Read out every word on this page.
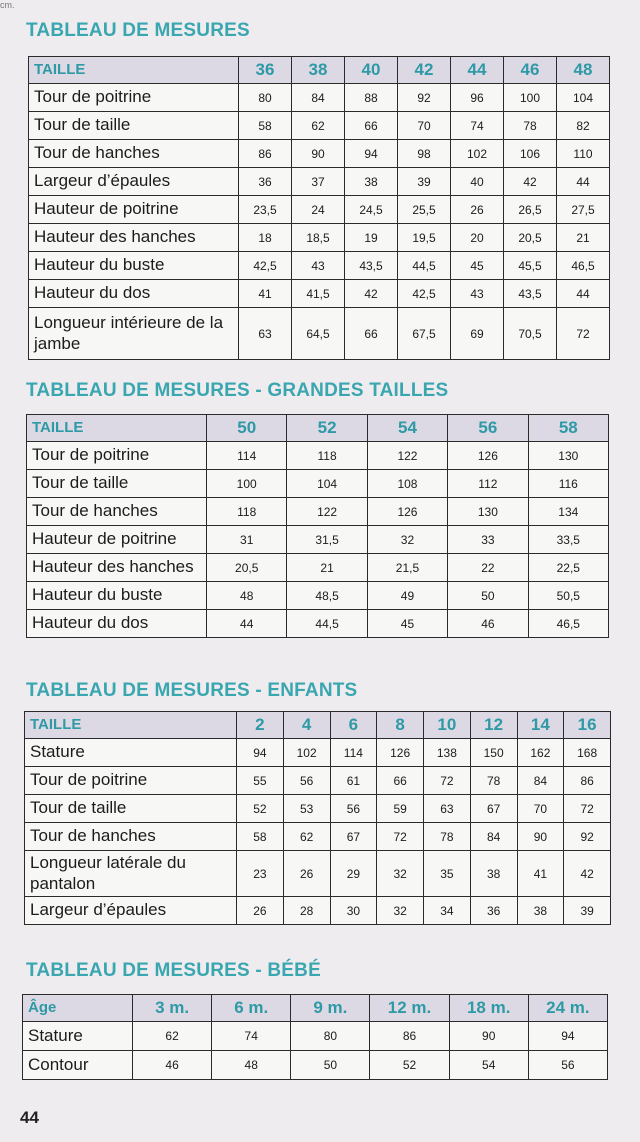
cm.
TABLEAU DE MESURES
TAILLE	36	38	40	42	44	46	48
Tour de poitrine	80	84	88	92	96	100	104
Tour de taille	58	62	66	70	74	78	82
Tour de hanches	86	90	94	98	102	106	110
Largeur d’épaules	36	37	38	39	40	42	44
Hauteur de poitrine	23,5	24	24,5	25,5	26	26,5	27,5
Hauteur des hanches	18	18,5	19	19,5	20	20,5	21
Hauteur du buste	42,5	43	43,5	44,5	45	45,5	46,5
Hauteur du dos	41	41,5	42	42,5	43	43,5	44
Longueur intérieure de la jambe	63	64,5	66	67,5	69	70,5	72
TABLEAU DE MESURES - GRANDES TAILLES
TAILLE	50	52	54	56	58
Tour de poitrine	114	118	122	126	130
Tour de taille	100	104	108	112	116
Tour de hanches	118	122	126	130	134
Hauteur de poitrine	31	31,5	32	33	33,5
Hauteur des hanches	20,5	21	21,5	22	22,5
Hauteur du buste	48	48,5	49	50	50,5
Hauteur du dos	44	44,5	45	46	46,5
TABLEAU DE MESURES - ENFANTS
TAILLE	2	4	6	8	10	12	14	16
Stature	94	102	114	126	138	150	162	168
Tour de poitrine	55	56	61	66	72	78	84	86
Tour de taille	52	53	56	59	63	67	70	72
Tour de hanches	58	62	67	72	78	84	90	92
Longueur latérale du pantalon	23	26	29	32	35	38	41	42
Largeur d’épaules	26	28	30	32	34	36	38	39
TABLEAU DE MESURES - BÉBÉ
Âge	3 m.	6 m.	9 m.	12 m.	18 m.	24 m.
Stature	62	74	80	86	90	94
Contour	46	48	50	52	54	56
44
